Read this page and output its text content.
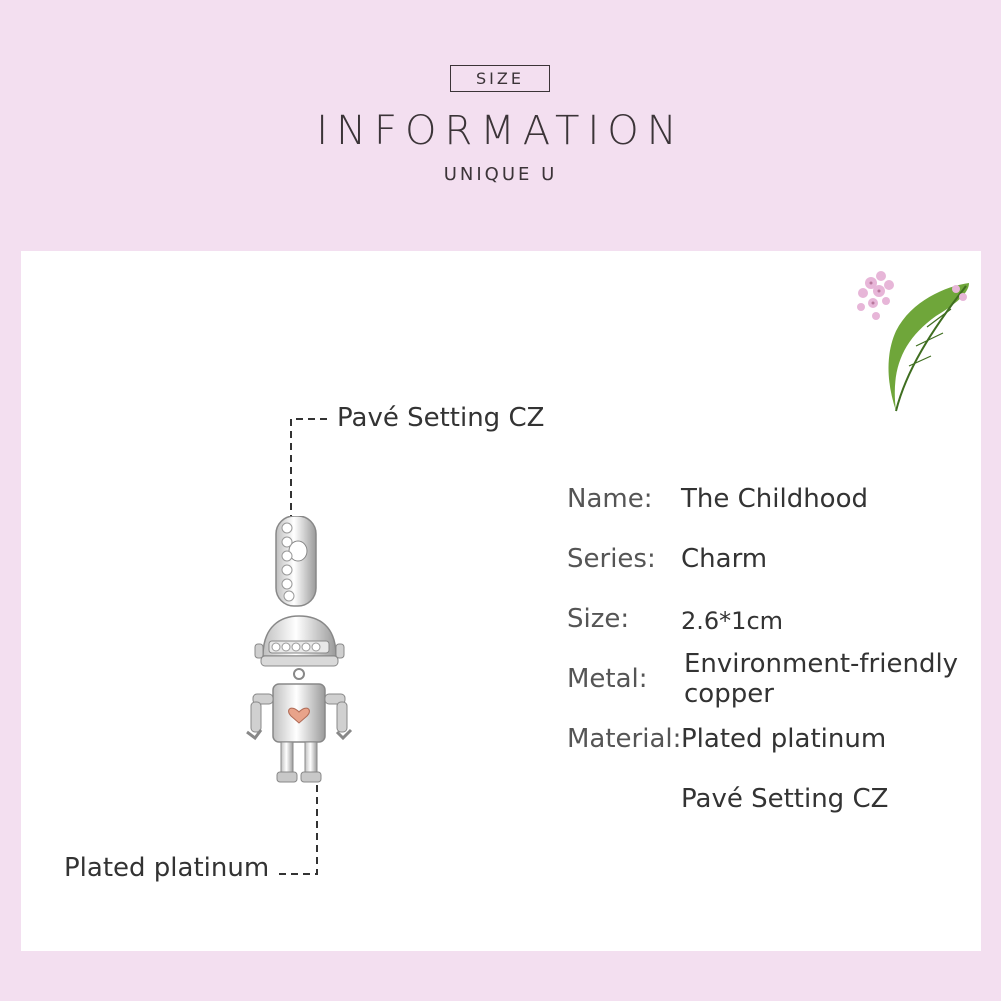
SIZE
INFORMATION
UNIQUE U
Pavé Setting CZ
Plated platinum
Name: The Childhood
Series: Charm
Size: 2.6*1cm
Metal: Environment-friendly
copper
Material: Plated platinum
Pavé Setting CZ
